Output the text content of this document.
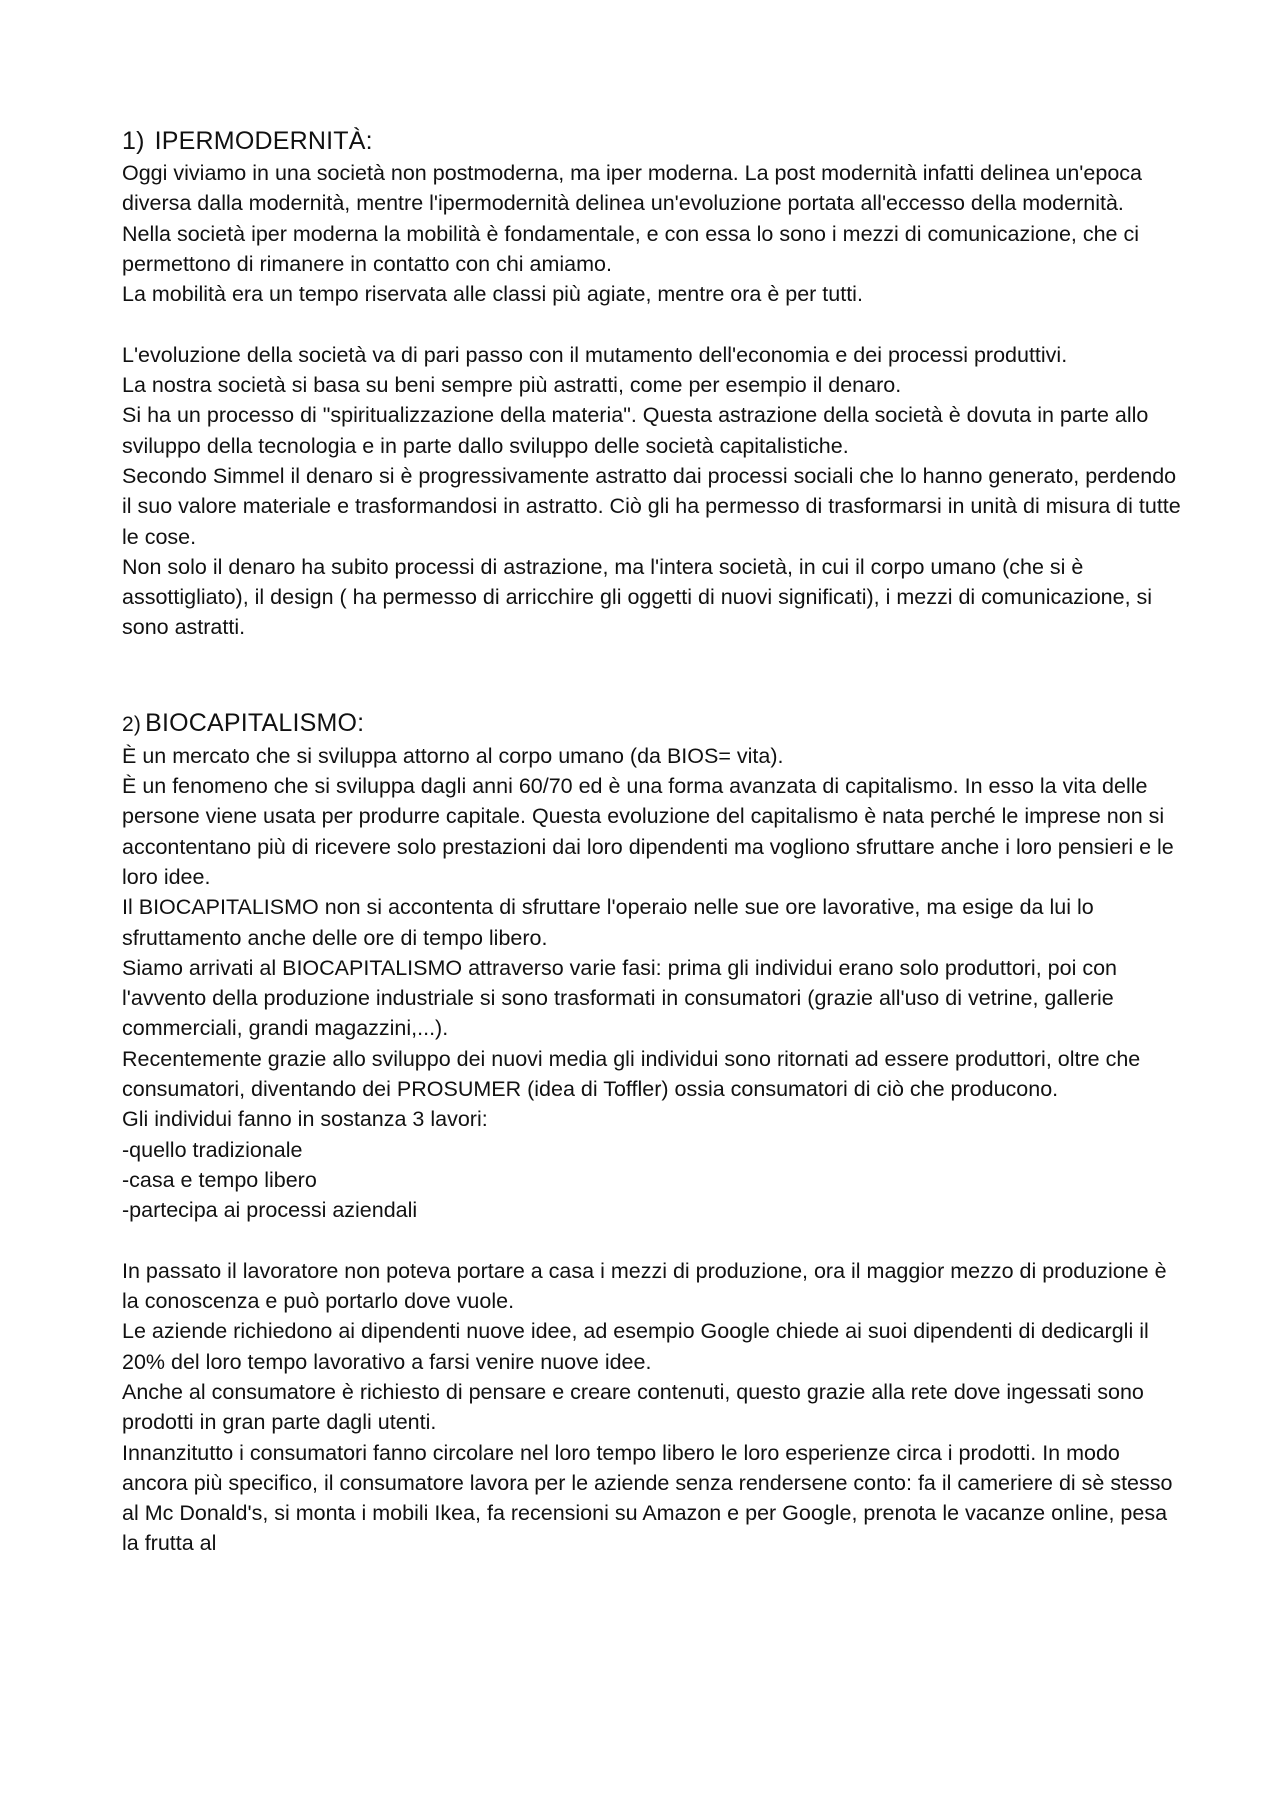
1) IPERMODERNITÀ:

Oggi viviamo in una società non postmoderna, ma iper moderna. La post modernità infatti delinea un'epoca diversa dalla modernità, mentre l'ipermodernità delinea un'evoluzione portata all'eccesso della modernità.

Nella società iper moderna la mobilità è fondamentale, e con essa lo sono i mezzi di comunicazione, che ci permettono di rimanere in contatto con chi amiamo.

La mobilità era un tempo riservata alle classi più agiate, mentre ora è per tutti.

L'evoluzione della società va di pari passo con il mutamento dell'economia e dei processi produttivi.

La nostra società si basa su beni sempre più astratti, come per esempio il denaro.

Si ha un processo di "spiritualizzazione della materia". Questa astrazione della società è dovuta in parte allo sviluppo della tecnologia e in parte dallo sviluppo delle società capitalistiche.

Secondo Simmel il denaro si è progressivamente astratto dai processi sociali che lo hanno generato, perdendo il suo valore materiale e trasformandosi in astratto. Ciò gli ha permesso di trasformarsi in unità di misura di tutte le cose.

Non solo il denaro ha subito processi di astrazione, ma l'intera società, in cui il corpo umano (che si è assottigliato), il design ( ha permesso di arricchire gli oggetti di nuovi significati), i mezzi di comunicazione, si sono astratti.

2) BIOCAPITALISMO:

È un mercato che si sviluppa attorno al corpo umano (da BIOS= vita).

È un fenomeno che si sviluppa dagli anni 60/70 ed è una forma avanzata di capitalismo. In esso la vita delle persone viene usata per produrre capitale. Questa evoluzione del capitalismo è nata perché le imprese non si accontentano più di ricevere solo prestazioni dai loro dipendenti ma vogliono sfruttare anche i loro pensieri e le loro idee.

Il BIOCAPITALISMO non si accontenta di sfruttare l'operaio nelle sue ore lavorative, ma esige da lui lo sfruttamento anche delle ore di tempo libero.

Siamo arrivati al BIOCAPITALISMO attraverso varie fasi: prima gli individui erano solo produttori, poi con l'avvento della produzione industriale si sono trasformati in consumatori (grazie all'uso di vetrine, gallerie commerciali, grandi magazzini,...).

Recentemente grazie allo sviluppo dei nuovi media gli individui sono ritornati ad essere produttori, oltre che consumatori, diventando dei PROSUMER (idea di Toffler) ossia consumatori di ciò che producono.

Gli individui fanno in sostanza 3 lavori:

-quello tradizionale

-casa e tempo libero

-partecipa ai processi aziendali

In passato il lavoratore non poteva portare a casa i mezzi di produzione, ora il maggior mezzo di produzione è la conoscenza e può portarlo dove vuole.

Le aziende richiedono ai dipendenti nuove idee, ad esempio Google chiede ai suoi dipendenti di dedicargli il 20% del loro tempo lavorativo a farsi venire nuove idee.

Anche al consumatore è richiesto di pensare e creare contenuti, questo grazie alla rete dove ingessati sono prodotti in gran parte dagli utenti.

Innanzitutto i consumatori fanno circolare nel loro tempo libero le loro esperienze circa i prodotti. In modo ancora più specifico, il consumatore lavora per le aziende senza rendersene conto: fa il cameriere di sè stesso al Mc Donald's, si monta i mobili Ikea, fa recensioni su Amazon e per Google, prenota le vacanze online, pesa la frutta al
